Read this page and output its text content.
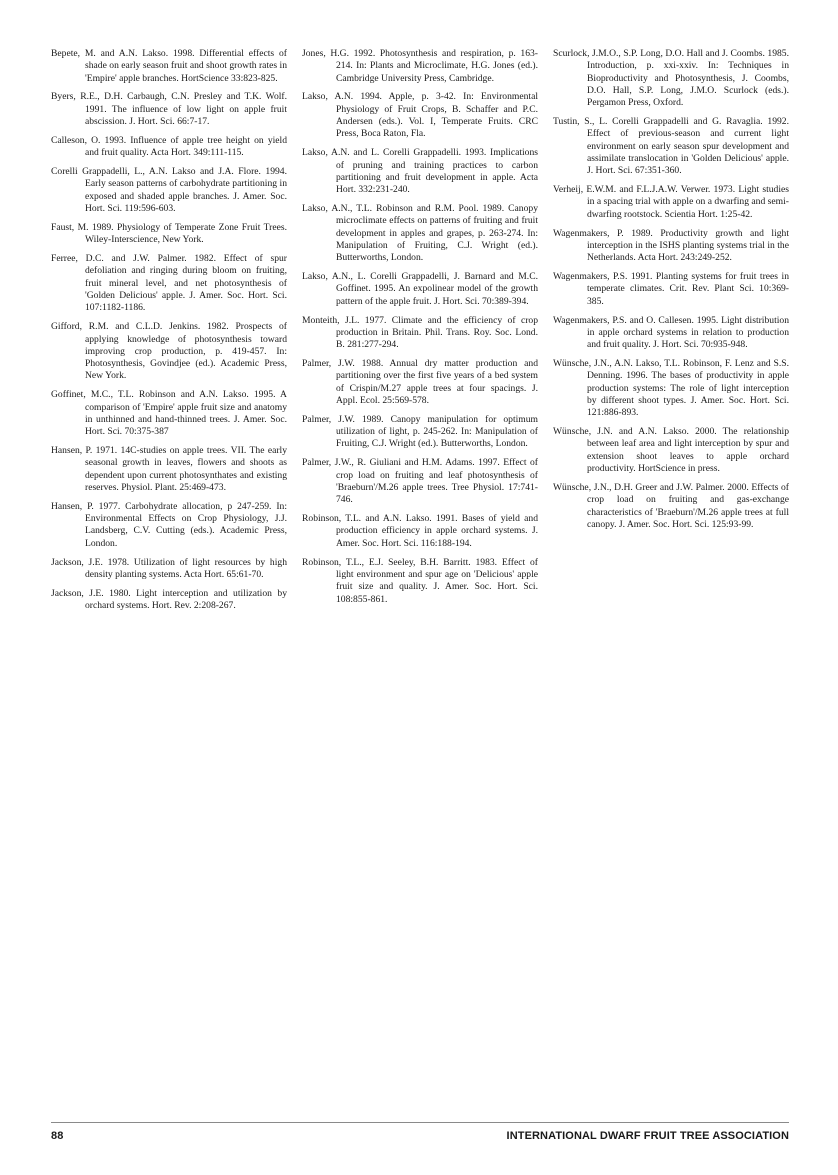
Bepete, M. and A.N. Lakso. 1998. Differential effects of shade on early season fruit and shoot growth rates in 'Empire' apple branches. HortScience 33:823-825.

Byers, R.E., D.H. Carbaugh, C.N. Presley and T.K. Wolf. 1991. The influence of low light on apple fruit abscission. J. Hort. Sci. 66:7-17.

Calleson, O. 1993. Influence of apple tree height on yield and fruit quality. Acta Hort. 349:111-115.

Corelli Grappadelli, L., A.N. Lakso and J.A. Flore. 1994. Early season patterns of carbohydrate partitioning in exposed and shaded apple branches. J. Amer. Soc. Hort. Sci. 119:596-603.

Faust, M. 1989. Physiology of Temperate Zone Fruit Trees. Wiley-Interscience, New York.

Ferree, D.C. and J.W. Palmer. 1982. Effect of spur defoliation and ringing during bloom on fruiting, fruit mineral level, and net photosynthesis of 'Golden Delicious' apple. J. Amer. Soc. Hort. Sci. 107:1182-1186.

Gifford, R.M. and C.L.D. Jenkins. 1982. Prospects of applying knowledge of photosynthesis toward improving crop production, p. 419-457. In: Photosynthesis, Govindjee (ed.). Academic Press, New York.

Goffinet, M.C., T.L. Robinson and A.N. Lakso. 1995. A comparison of 'Empire' apple fruit size and anatomy in unthinned and hand-thinned trees. J. Amer. Soc. Hort. Sci. 70:375-387

Hansen, P. 1971. 14C-studies on apple trees. VII. The early seasonal growth in leaves, flowers and shoots as dependent upon current photosynthates and existing reserves. Physiol. Plant. 25:469-473.

Hansen, P. 1977. Carbohydrate allocation, p 247-259. In: Environmental Effects on Crop Physiology, J.J. Landsberg, C.V. Cutting (eds.). Academic Press, London.

Jackson, J.E. 1978. Utilization of light resources by high density planting systems. Acta Hort. 65:61-70.

Jackson, J.E. 1980. Light interception and utilization by orchard systems. Hort. Rev. 2:208-267.

Jones, H.G. 1992. Photosynthesis and respiration, p. 163-214. In: Plants and Microclimate, H.G. Jones (ed.). Cambridge University Press, Cambridge.

Lakso, A.N. 1994. Apple, p. 3-42. In: Environmental Physiology of Fruit Crops, B. Schaffer and P.C. Andersen (eds.). Vol. I, Temperate Fruits. CRC Press, Boca Raton, Fla.

Lakso, A.N. and L. Corelli Grappadelli. 1993. Implications of pruning and training practices to carbon partitioning and fruit development in apple. Acta Hort. 332:231-240.

Lakso, A.N., T.L. Robinson and R.M. Pool. 1989. Canopy microclimate effects on patterns of fruiting and fruit development in apples and grapes, p. 263-274. In: Manipulation of Fruiting, C.J. Wright (ed.). Butterworths, London.

Lakso, A.N., L. Corelli Grappadelli, J. Barnard and M.C. Goffinet. 1995. An expolinear model of the growth pattern of the apple fruit. J. Hort. Sci. 70:389-394.

Monteith, J.L. 1977. Climate and the efficiency of crop production in Britain. Phil. Trans. Roy. Soc. Lond. B. 281:277-294.

Palmer, J.W. 1988. Annual dry matter production and partitioning over the first five years of a bed system of Crispin/M.27 apple trees at four spacings. J. Appl. Ecol. 25:569-578.

Palmer, J.W. 1989. Canopy manipulation for optimum utilization of light, p. 245-262. In: Manipulation of Fruiting, C.J. Wright (ed.). Butterworths, London.

Palmer, J.W., R. Giuliani and H.M. Adams. 1997. Effect of crop load on fruiting and leaf photosynthesis of 'Braeburn'/M.26 apple trees. Tree Physiol. 17:741-746.

Robinson, T.L. and A.N. Lakso. 1991. Bases of yield and production efficiency in apple orchard systems. J. Amer. Soc. Hort. Sci. 116:188-194.

Robinson, T.L., E.J. Seeley, B.H. Barritt. 1983. Effect of light environment and spur age on 'Delicious' apple fruit size and quality. J. Amer. Soc. Hort. Sci. 108:855-861.

Scurlock, J.M.O., S.P. Long, D.O. Hall and J. Coombs. 1985. Introduction, p. xxi-xxiv. In: Techniques in Bioproductivity and Photosynthesis, J. Coombs, D.O. Hall, S.P. Long, J.M.O. Scurlock (eds.). Pergamon Press, Oxford.

Tustin, S., L. Corelli Grappadelli and G. Ravaglia. 1992. Effect of previous-season and current light environment on early season spur development and assimilate translocation in 'Golden Delicious' apple. J. Hort. Sci. 67:351-360.

Verheij, E.W.M. and F.L.J.A.W. Verwer. 1973. Light studies in a spacing trial with apple on a dwarfing and semi-dwarfing rootstock. Scientia Hort. 1:25-42.

Wagenmakers, P. 1989. Productivity growth and light interception in the ISHS planting systems trial in the Netherlands. Acta Hort. 243:249-252.

Wagenmakers, P.S. 1991. Planting systems for fruit trees in temperate climates. Crit. Rev. Plant Sci. 10:369-385.

Wagenmakers, P.S. and O. Callesen. 1995. Light distribution in apple orchard systems in relation to production and fruit quality. J. Hort. Sci. 70:935-948.

Wünsche, J.N., A.N. Lakso, T.L. Robinson, F. Lenz and S.S. Denning. 1996. The bases of productivity in apple production systems: The role of light interception by different shoot types. J. Amer. Soc. Hort. Sci. 121:886-893.

Wünsche, J.N. and A.N. Lakso. 2000. The relationship between leaf area and light interception by spur and extension shoot leaves to apple orchard productivity. HortScience in press.

Wünsche, J.N., D.H. Greer and J.W. Palmer. 2000. Effects of crop load on fruiting and gas-exchange characteristics of 'Braeburn'/M.26 apple trees at full canopy. J. Amer. Soc. Hort. Sci. 125:93-99.

88	INTERNATIONAL DWARF FRUIT TREE ASSOCIATION
